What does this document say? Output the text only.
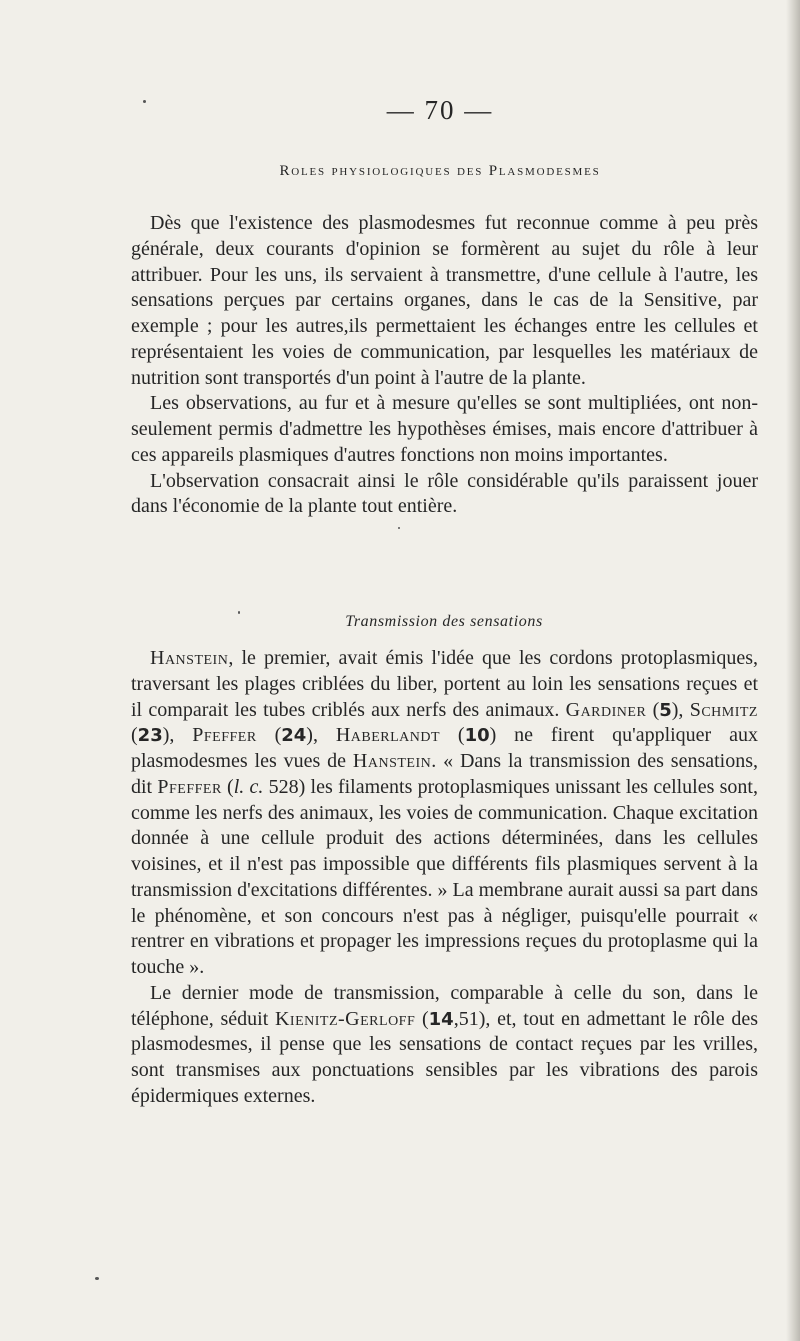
— 70 —
Roles physiologiques des Plasmodesmes

Dès que l'existence des plasmodesmes fut reconnue comme à peu près générale, deux courants d'opinion se formèrent au sujet du rôle à leur attribuer. Pour les uns, ils servaient à transmettre, d'une cellule à l'autre, les sensations perçues par certains organes, dans le cas de la Sensitive, par exemple ; pour les autres,ils permettaient les échanges entre les cellules et représentaient les voies de communication, par lesquelles les matériaux de nutrition sont transportés d'un point à l'autre de la plante.

Les observations, au fur et à mesure qu'elles se sont multipliées, ont non-seulement permis d'admettre les hypothèses émises, mais encore d'attribuer à ces appareils plasmiques d'autres fonctions non moins importantes.

L'observation consacrait ainsi le rôle considérable qu'ils paraissent jouer dans l'économie de la plante tout entière.

Transmission des sensations

Hanstein, le premier, avait émis l'idée que les cordons protoplasmiques, traversant les plages criblées du liber, portent au loin les sensations reçues et il comparait les tubes criblés aux nerfs des animaux. Gardiner (5), Schmitz (23), Pfeffer (24), Haberlandt (10) ne firent qu'appliquer aux plasmodesmes les vues de Hanstein. « Dans la transmission des sensations, dit Pfeffer (l. c. 528) les filaments protoplasmiques unissant les cellules sont, comme les nerfs des animaux, les voies de communication. Chaque excitation donnée à une cellule produit des actions déterminées, dans les cellules voisines, et il n'est pas impossible que différents fils plasmiques servent à la transmission d'excitations différentes. » La membrane aurait aussi sa part dans le phénomène, et son concours n'est pas à négliger, puisqu'elle pourrait « rentrer en vibrations et propager les impressions reçues du protoplasme qui la touche ».

Le dernier mode de transmission, comparable à celle du son, dans le téléphone, séduit Kienitz-Gerloff (14,51), et, tout en admettant le rôle des plasmodesmes, il pense que les sensations de contact reçues par les vrilles, sont transmises aux ponctuations sensibles par les vibrations des parois épidermiques externes.
